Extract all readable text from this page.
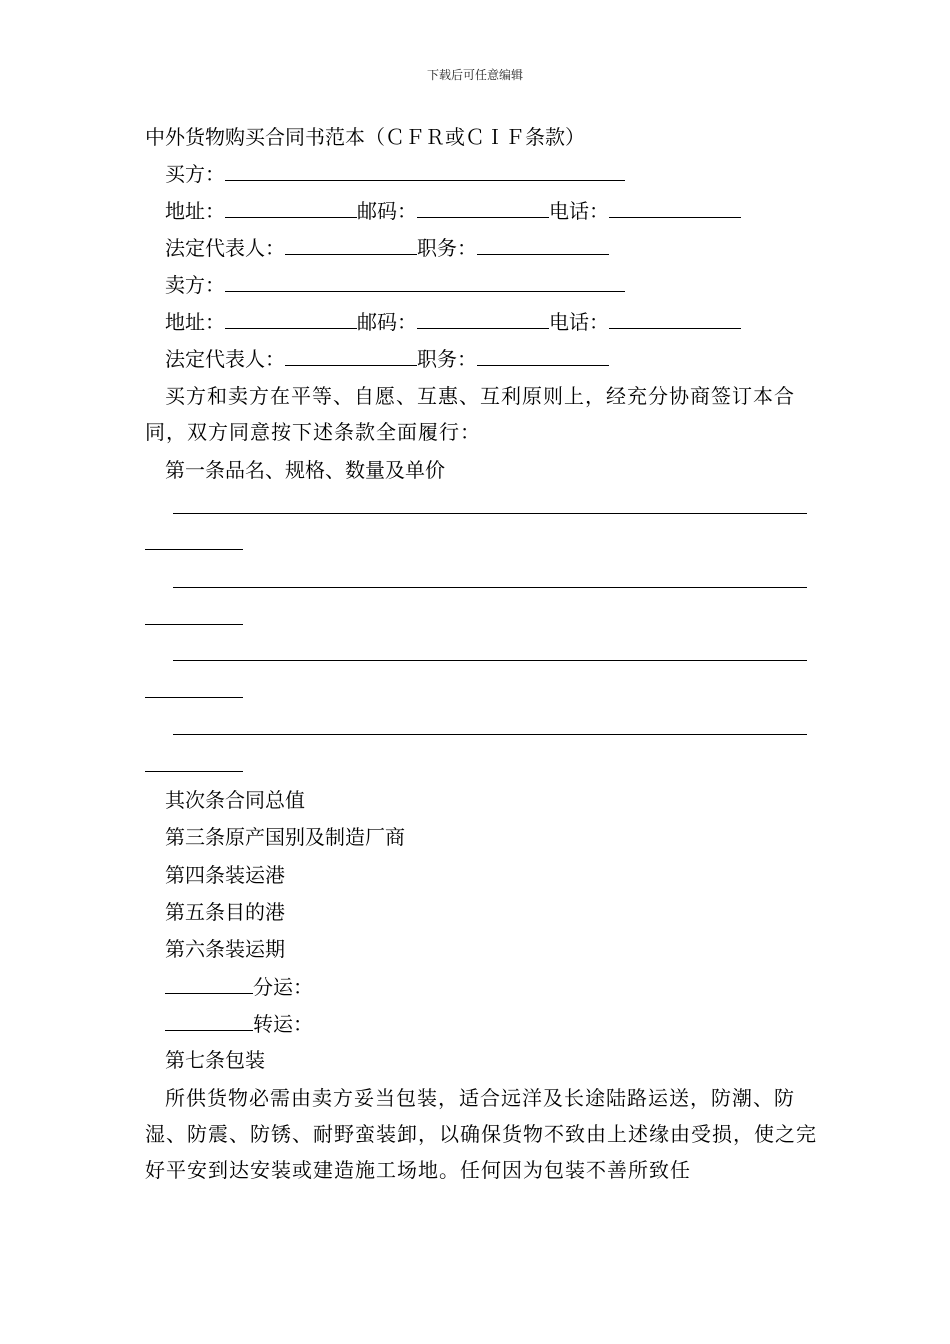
下载后可任意编辑
中外货物购买合同书范本（ＣＦＲ或ＣＩＦ条款）
买方：
地址：	邮码：	电话：
法定代表人：	职务：
卖方：
地址：	邮码：	电话：
法定代表人：	职务：
买方和卖方在平等、自愿、互惠、互利原则上，经充分协商签订本合同，双方同意按下述条款全面履行：
第一条品名、规格、数量及单价
其次条合同总值
第三条原产国别及制造厂商
第四条装运港
第五条目的港
第六条装运期
分运：
转运：
第七条包装
所供货物必需由卖方妥当包装，适合远洋及长途陆路运送，防潮、防湿、防震、防锈、耐野蛮装卸，以确保货物不致由上述缘由受损，使之完好平安到达安装或建造施工场地。任何因为包装不善所致任
